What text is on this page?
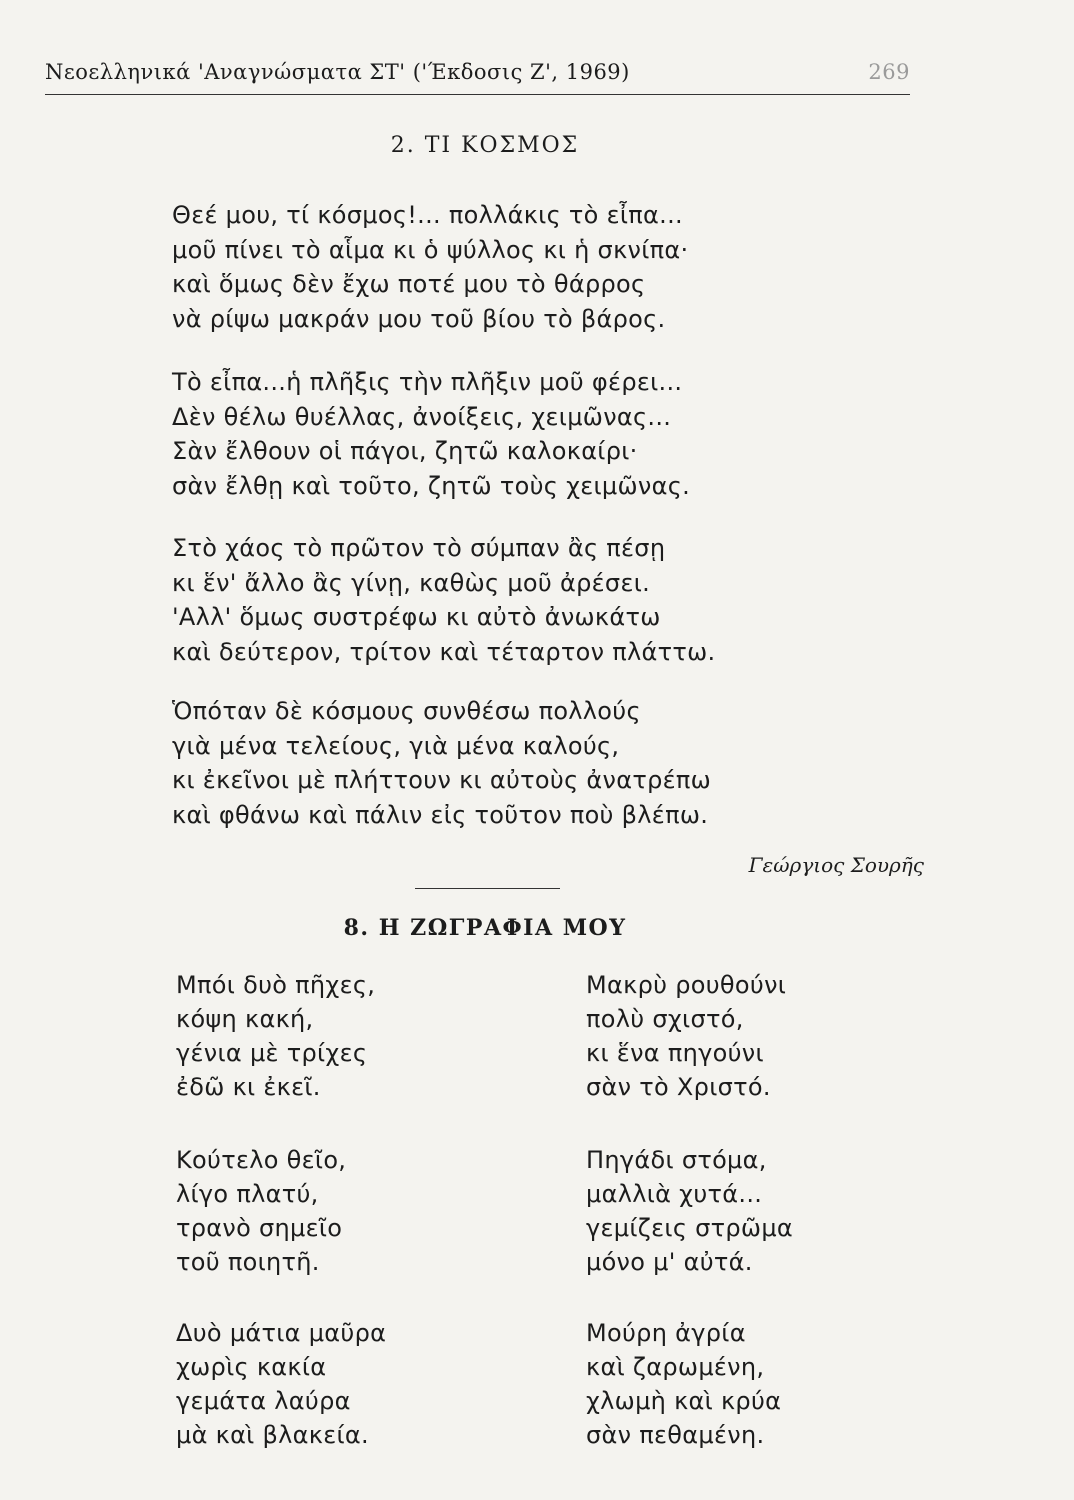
Νεοελληνικά 'Αναγνώσματα ΣΤ' ('Έκδοσις Ζ', 1969)	269
2. ΤΙ ΚΟΣΜΟΣ
Θεέ μου, τί κόσμος!... πολλάκις τὸ εἶπα...
μοῦ πίνει τὸ αἷμα κι ὁ ψύλλος κι ἡ σκνίπα·
καὶ ὅμως δὲν ἔχω ποτέ μου τὸ θάρρος
νὰ ρίψω μακράν μου τοῦ βίου τὸ βάρος.
Τὸ εἶπα...ἡ πλῆξις τὴν πλῆξιν μοῦ φέρει...
Δὲν θέλω θυέλλας, ἀνοίξεις, χειμῶνας...
Σὰν ἔλθουν οἱ πάγοι, ζητῶ καλοκαίρι·
σὰν ἔλθῃ καὶ τοῦτο, ζητῶ τοὺς χειμῶνας.
Στὸ χάος τὸ πρῶτον τὸ σύμπαν ἂς πέσῃ
κι ἕν' ἄλλο ἂς γίνῃ, καθὼς μοῦ ἀρέσει.
'Αλλ' ὅμως συστρέφω κι αὐτὸ ἀνωκάτω
καὶ δεύτερον, τρίτον καὶ τέταρτον πλάττω.
Ὁπόταν δὲ κόσμους συνθέσω πολλούς
γιὰ μένα τελείους, γιὰ μένα καλούς,
κι ἐκεῖνοι μὲ πλήττουν κι αὐτοὺς ἀνατρέπω
καὶ φθάνω καὶ πάλιν εἰς τοῦτον ποὺ βλέπω.
Γεώργιος Σουρῆς
8. Η ΖΩΓΡΑΦΙΑ ΜΟΥ
Μπόι δυὸ πῆχες,
κόψη κακή,
γένια μὲ τρίχες
ἐδῶ κι ἐκεῖ.
Μακρὺ ρουθούνι
πολὺ σχιστό,
κι ἕνα πηγούνι
σὰν τὸ Χριστό.
Κούτελο θεῖο,
λίγο πλατύ,
τρανὸ σημεῖο
τοῦ ποιητῆ.
Πηγάδι στόμα,
μαλλιὰ χυτά...
γεμίζεις στρῶμα
μόνο μ' αὐτά.
Δυὸ μάτια μαῦρα
χωρὶς κακία
γεμάτα λαύρα
μὰ καὶ βλακεία.
Μούρη ἀγρία
καὶ ζαρωμένη,
χλωμὴ καὶ κρύα
σὰν πεθαμένη.
